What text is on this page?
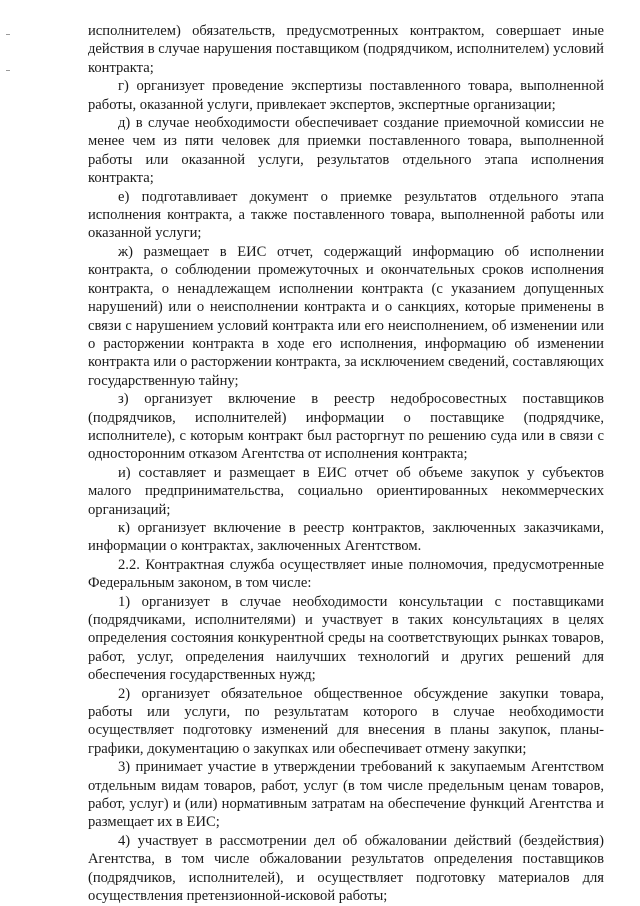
исполнителем) обязательств, предусмотренных контрактом, совершает иные действия в случае нарушения поставщиком (подрядчиком, исполнителем) условий контракта;

г) организует проведение экспертизы поставленного товара, выполненной работы, оказанной услуги, привлекает экспертов, экспертные организации;

д) в случае необходимости обеспечивает создание приемочной комиссии не менее чем из пяти человек для приемки поставленного товара, выполненной работы или оказанной услуги, результатов отдельного этапа исполнения контракта;

е) подготавливает документ о приемке результатов отдельного этапа исполнения контракта, а также поставленного товара, выполненной работы или оказанной услуги;

ж) размещает в ЕИС отчет, содержащий информацию об исполнении контракта, о соблюдении промежуточных и окончательных сроков исполнения контракта, о ненадлежащем исполнении контракта (с указанием допущенных нарушений) или о неисполнении контракта и о санкциях, которые применены в связи с нарушением условий контракта или его неисполнением, об изменении или о расторжении контракта в ходе его исполнения, информацию об изменении контракта или о расторжении контракта, за исключением сведений, составляющих государственную тайну;

з) организует включение в реестр недобросовестных поставщиков (подрядчиков, исполнителей) информации о поставщике (подрядчике, исполнителе), с которым контракт был расторгнут по решению суда или в связи с односторонним отказом Агентства от исполнения контракта;

и) составляет и размещает в ЕИС отчет об объеме закупок у субъектов малого предпринимательства, социально ориентированных некоммерческих организаций;

к) организует включение в реестр контрактов, заключенных заказчиками, информации о контрактах, заключенных Агентством.

2.2. Контрактная служба осуществляет иные полномочия, предусмотренные Федеральным законом, в том числе:

1) организует в случае необходимости консультации с поставщиками (подрядчиками, исполнителями) и участвует в таких консультациях в целях определения состояния конкурентной среды на соответствующих рынках товаров, работ, услуг, определения наилучших технологий и других решений для обеспечения государственных нужд;

2) организует обязательное общественное обсуждение закупки товара, работы или услуги, по результатам которого в случае необходимости осуществляет подготовку изменений для внесения в планы закупок, планы-графики, документацию о закупках или обеспечивает отмену закупки;

3) принимает участие в утверждении требований к закупаемым Агентством отдельным видам товаров, работ, услуг (в том числе предельным ценам товаров, работ, услуг) и (или) нормативным затратам на обеспечение функций Агентства и размещает их в ЕИС;

4) участвует в рассмотрении дел об обжаловании действий (бездействия) Агентства, в том числе обжаловании результатов определения поставщиков (подрядчиков, исполнителей), и осуществляет подготовку материалов для осуществления претензионной-исковой работы;
